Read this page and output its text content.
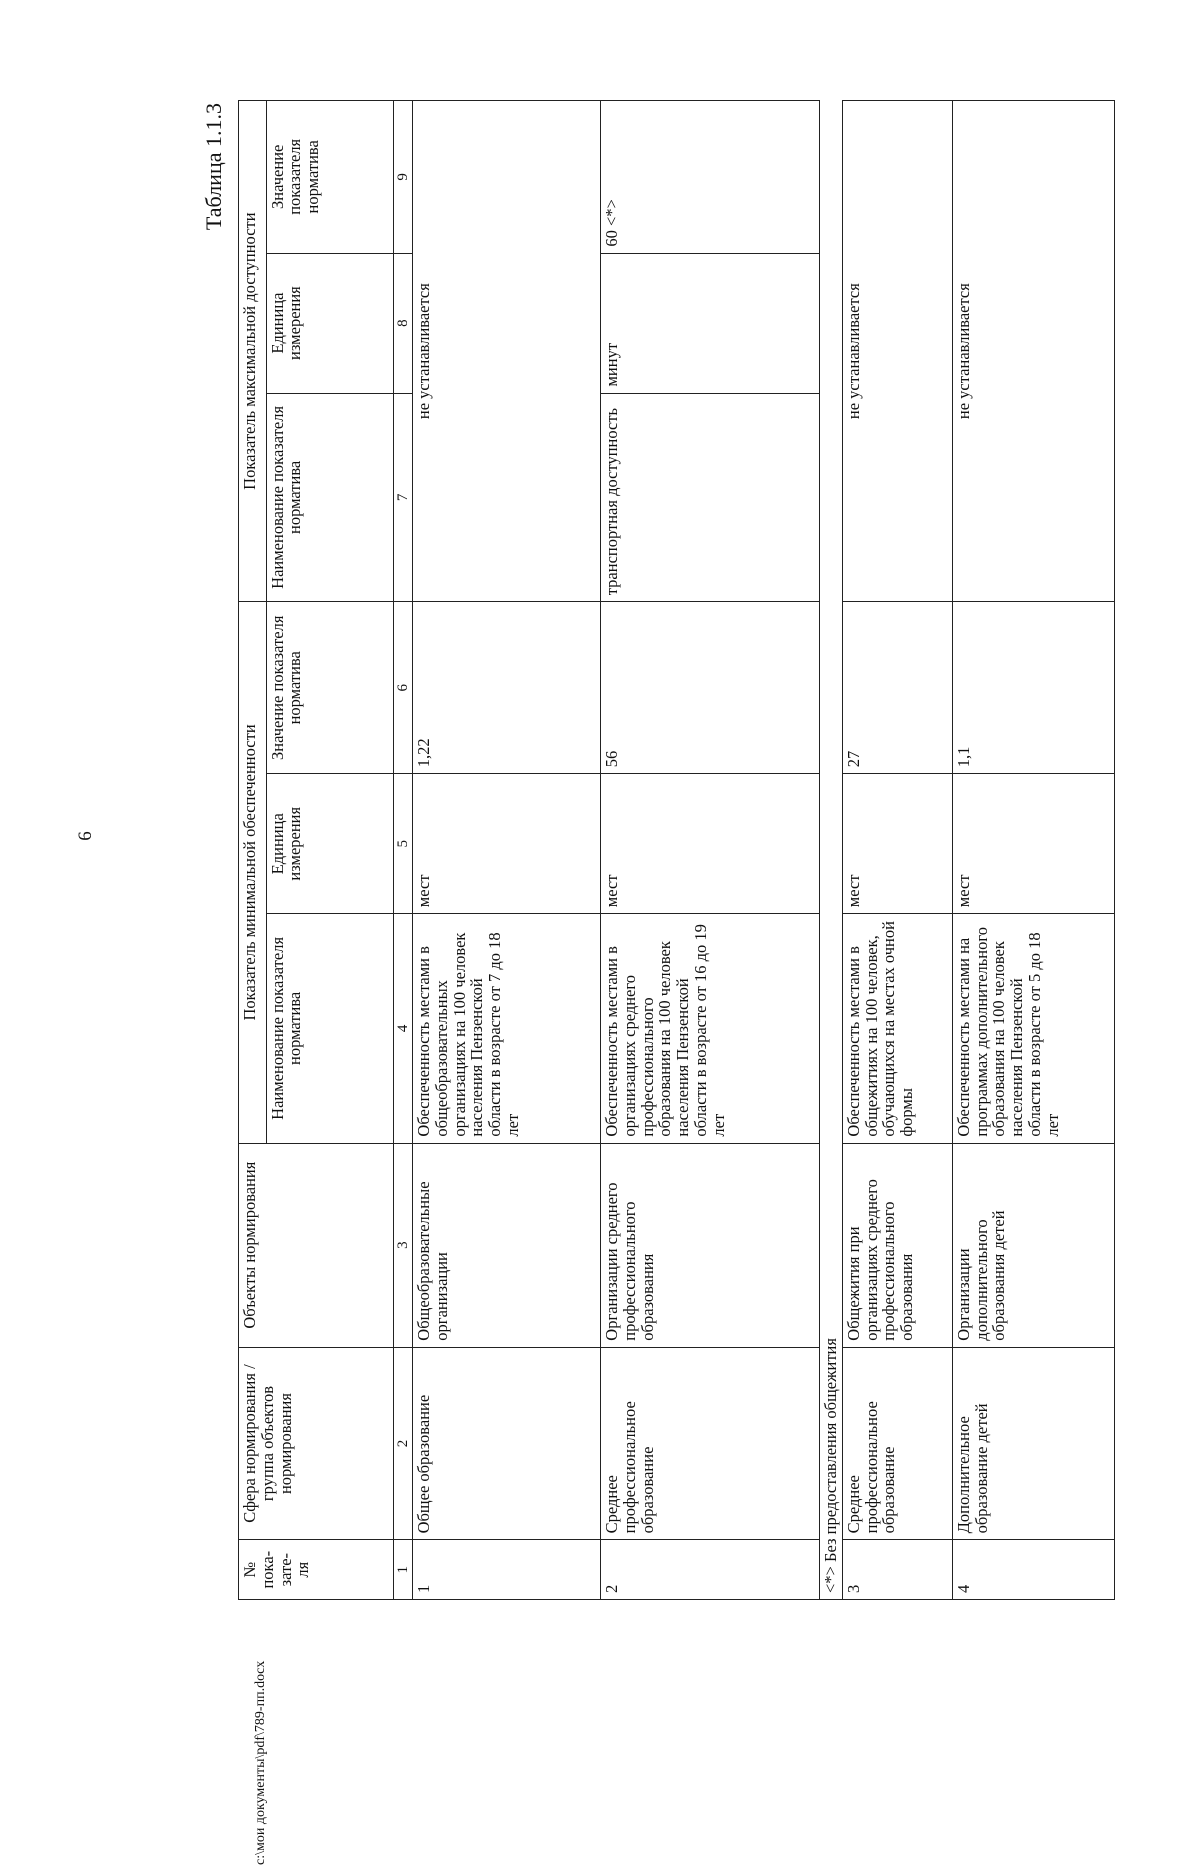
6
c:\мои документы\pdf\789-пп.docx
Таблица 1.1.3
№ пока-зате-ля	Сфера нормирования / группа объектов нормирования	Объекты нормирования	Показатель минимальной обеспеченности			Показатель максимальной доступности		
			Наименование показателя норматива	Единица измерения	Значение показателя норматива	Наименование показателя норматива	Единица измерения	Значение показателя норматива
1	2	3	4	5	6	7	8	9
1	Общее образование	Общеобразовательные организации	Обеспеченность местами в общеобразовательных организациях на 100 человек населения Пензенской области в возрасте от 7 до 18 лет	мест	1,22	не устанавливается		
2	Среднее профессиональное образование	Организации среднего профессионального образования	Обеспеченность местами в организациях среднего профессионального образования на 100 человек населения Пензенской области в возрасте от 16 до 19 лет	мест	56	транспортная доступность	минут	60 <*>
<*> Без предоставления общежития								
3	Среднее профессиональное образование	Общежития при организациях среднего профессионального образования	Обеспеченность местами в общежитиях на 100 человек, обучающихся на местах очной формы	мест	27	не устанавливается		
4	Дополнительное образование детей	Организации дополнительного образования детей	Обеспеченность местами на программах дополнительного образования на 100 человек населения Пензенской области в возрасте от 5 до 18 лет	мест	1,1	не устанавливается		
